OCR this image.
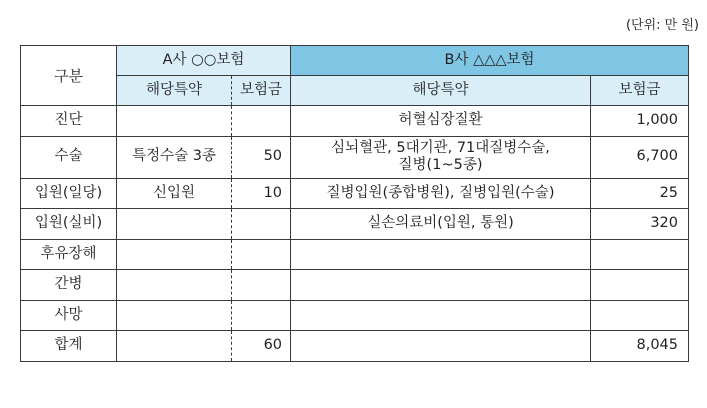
(단위: 만 원)
구분	A사 ○○보험		B사 △△△보험	
	해당특약	보험금	해당특약	보험금
진단			허혈심장질환	1,000
수술	특정수술 3종	50	심뇌혈관, 5대기관, 71대질병수술,
질병(1~5종)	6,700
입원(일당)	신입원	10	질병입원(종합병원), 질병입원(수술)	25
입원(실비)			실손의료비(입원, 통원)	320
후유장해				
간병				
사망				
합계		60		8,045
